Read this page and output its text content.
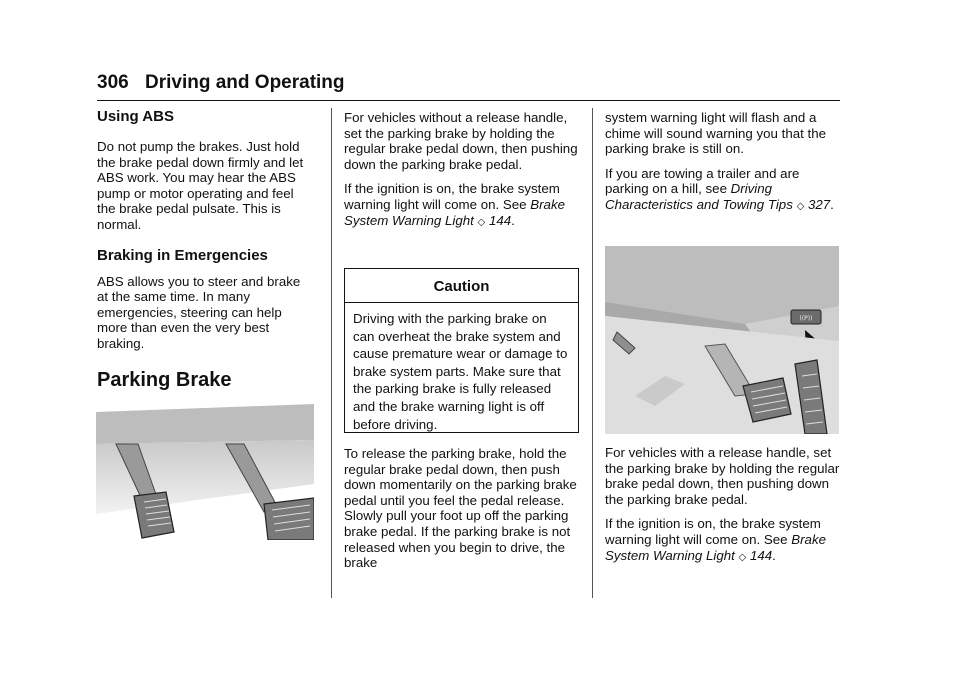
306 Driving and Operating
Using ABS

Do not pump the brakes. Just hold the brake pedal down firmly and let ABS work. You may hear the ABS pump or motor operating and feel the brake pedal pulsate. This is normal.

Braking in Emergencies

ABS allows you to steer and brake at the same time. In many emergencies, steering can help more than even the very best braking.

Parking Brake

For vehicles without a release handle, set the parking brake by holding the regular brake pedal down, then pushing down the parking brake pedal.

If the ignition is on, the brake system warning light will come on. See Brake System Warning Light ◇ 144.

Caution
Driving with the parking brake on can overheat the brake system and cause premature wear or damage to brake system parts. Make sure that the parking brake is fully released and the brake warning light is off before driving.

To release the parking brake, hold the regular brake pedal down, then push down momentarily on the parking brake pedal until you feel the pedal release. Slowly pull your foot up off the parking brake pedal. If the parking brake is not released when you begin to drive, the brake

system warning light will flash and a chime will sound warning you that the parking brake is still on.

If you are towing a trailer and are parking on a hill, see Driving Characteristics and Towing Tips ◇ 327.

((P))

For vehicles with a release handle, set the parking brake by holding the regular brake pedal down, then pushing down the parking brake pedal.

If the ignition is on, the brake system warning light will come on. See Brake System Warning Light ◇ 144.
